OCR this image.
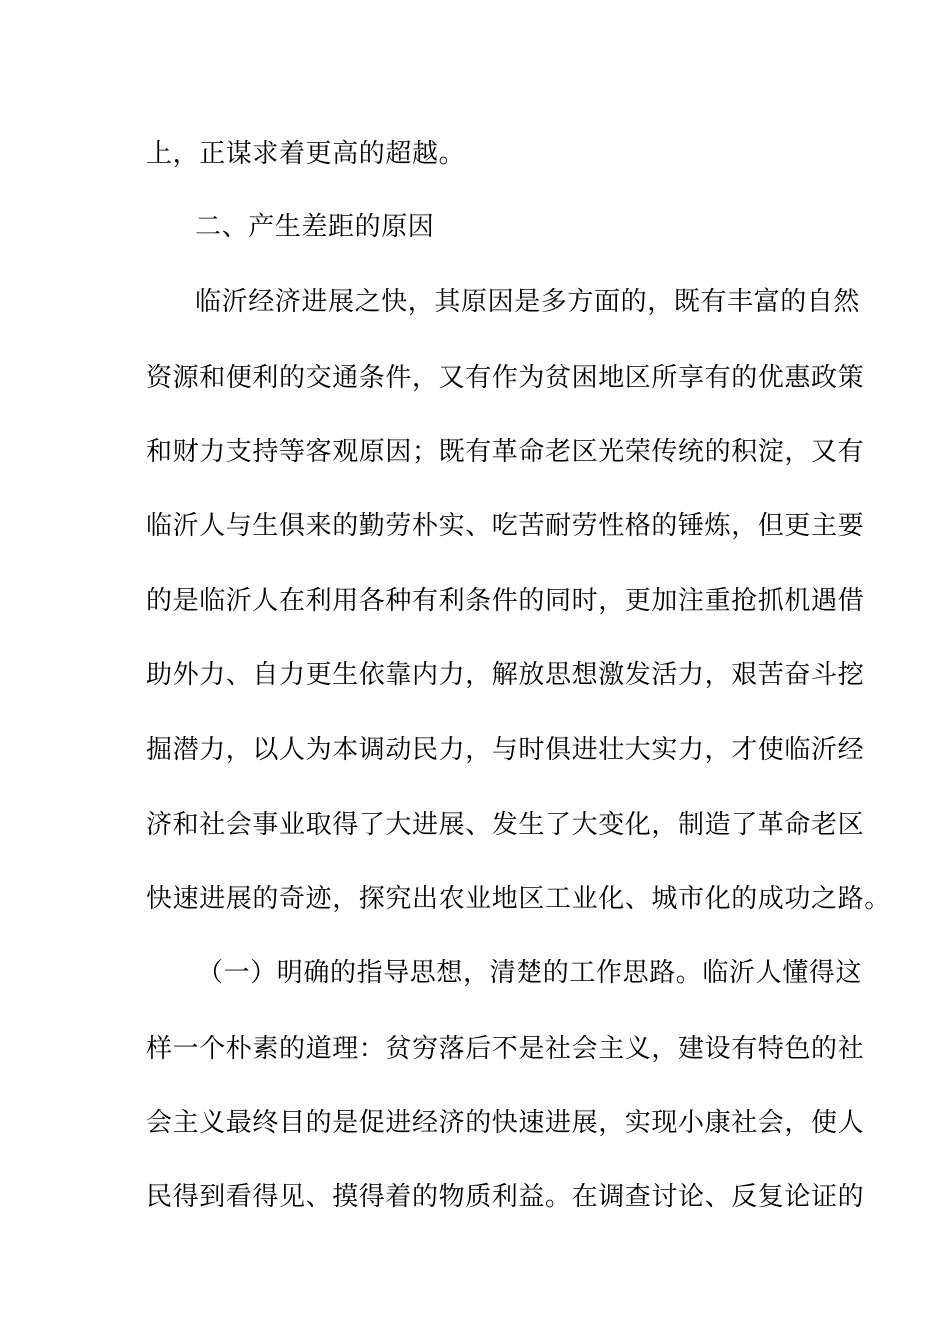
上，正谋求着更高的超越。
二、产生差距的原因
临沂经济进展之快，其原因是多方面的，既有丰富的自然
资源和便利的交通条件，又有作为贫困地区所享有的优惠政策
和财力支持等客观原因；既有革命老区光荣传统的积淀，又有
临沂人与生俱来的勤劳朴实、吃苦耐劳性格的锤炼，但更主要
的是临沂人在利用各种有利条件的同时，更加注重抢抓机遇借
助外力、自力更生依靠内力，解放思想激发活力，艰苦奋斗挖
掘潜力，以人为本调动民力，与时俱进壮大实力，才使临沂经
济和社会事业取得了大进展、发生了大变化，制造了革命老区
快速进展的奇迹，探究出农业地区工业化、城市化的成功之路。
（一）明确的指导思想，清楚的工作思路。临沂人懂得这
样一个朴素的道理：贫穷落后不是社会主义，建设有特色的社
会主义最终目的是促进经济的快速进展，实现小康社会，使人
民得到看得见、摸得着的物质利益。在调查讨论、反复论证的
